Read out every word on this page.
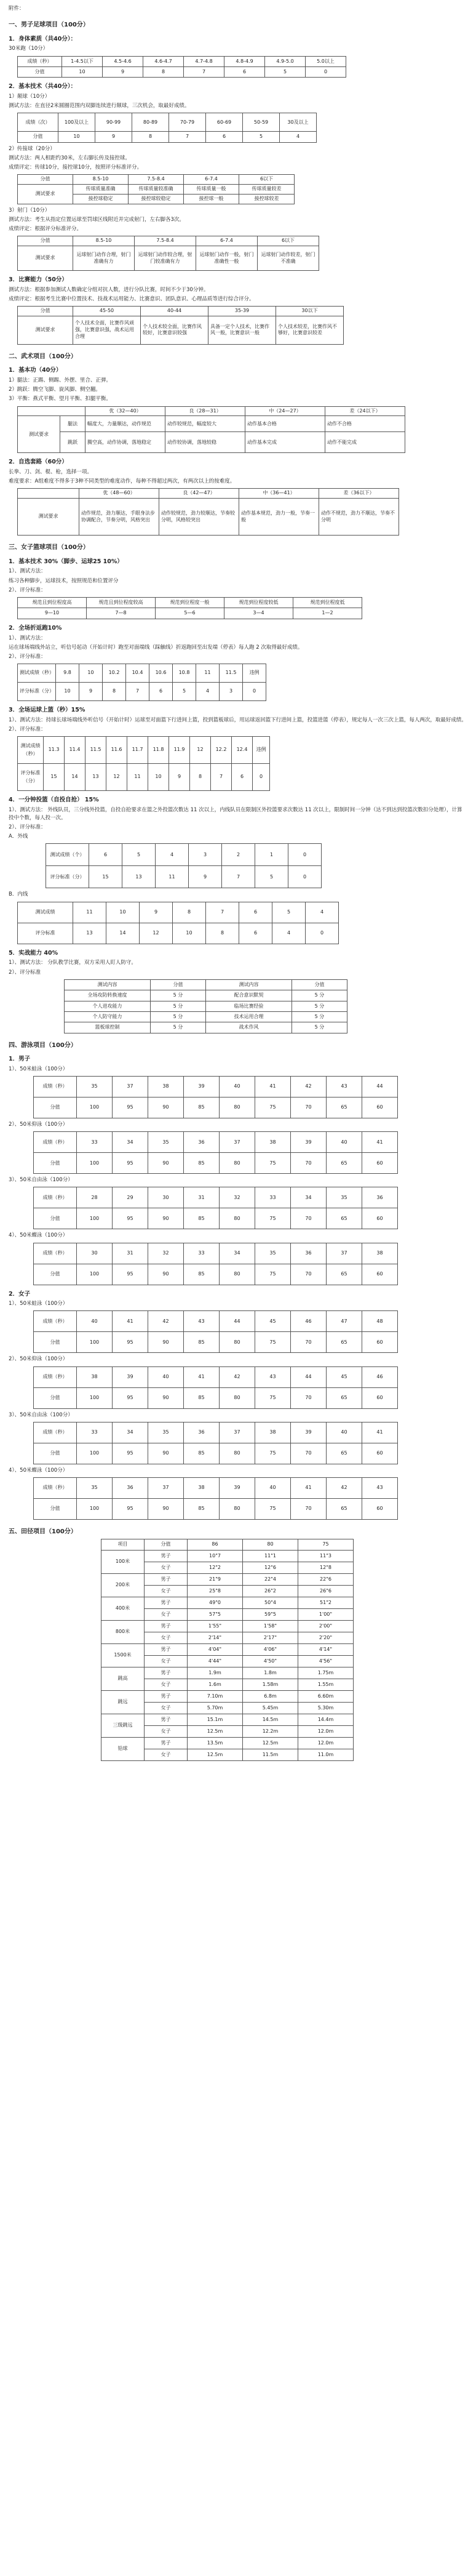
附件：
一、男子足球项目（100分）
1．身体素质（共40分）：
30米跑（10分）
成绩（秒）	1-4.5以下	4.5-4.6	4.6-4.7	4.7-4.8	4.8-4.9	4.9-5.0	5.0以上
分值	10	9	8	7	6	5	0
2．基本技术（共40分）：
1）颠球（10分）
测试方法：在直径2米圆圈范围内双脚连续进行颠球，三次机会，取最好成绩。
成绩（次）	100及以上	90-99	80-89	70-79	60-69	50-59	30及以上
分值	10	9	8	7	6	5	4
2）传接球（20分）
测试方法：两人相距约30米，左右脚长传及接控球。
成绩评定：传球10分，接控球10分，按照评分标准评分。
分值	8.5-10	7.5-8.4	6-7.4	6以下
测试要求	传球质量准确	传球质量较准确	传球质量一般	传球质量较差
	接控球稳定	接控球较稳定	接控球一般	接控球较差
3）射门（10分）
测试方法：考生从指定位置运球至罚球区线附近并完成射门，左右脚各3次。
成绩评定：根据评分标准评分。
分值	8.5-10	7.5-8.4	6-7.4	6以下
测试要求	运球射门动作合理，射门准确有力	运球射门动作较合理，射门较准确有力	运球射门动作一般，射门准确性一般	运球射门动作较差，射门不准确
3．比赛能力（50分）
测试方法：根据参加测试人数确定分组对抗人数，进行分队比赛，时间不少于30分钟。
成绩评定：根据考生比赛中位置技术、技战术运用能力、比赛意识、团队意识、心理品质等进行综合评分。
分值	45-50	40-44	35-39	30以下
测试要求	个人技术全面，比赛作风顽强，比赛意识强，战术运用合理	个人技术较全面，比赛作风较好，比赛意识较强	具备一定个人技术，比赛作风一般，比赛意识一般	个人技术较差，比赛作风不够好，比赛意识较差
二、武术项目（100分）
1．基本功（40分）
1）腿法：正踢、侧踢、外摆、里合、正弹。
2）跳跃：腾空飞脚、旋风脚、侧空翻。
3）平衡：燕式平衡、望月平衡、扣腿平衡。
		优（32—40）	良（28—31）	中（24—27）	差（24以下）
测试要求	腿法	幅度大，力量顺达，动作规范	动作较规范，幅度较大	动作基本合格	动作不合格
	跳跃	腾空高，动作协调，落地稳定	动作较协调，落地较稳	动作基本完成	动作不能完成
2．自选套路（60分）
长拳、刀、剑、棍、枪，选择一项。
难度要求：A组难度不得多于3种不同类型的难度动作，每种不得超过两次，有两次以上的按难度。
	优（48—60）	良（42—47）	中（36—41）	差（36以下）
测试要求	动作规范，劲力顺达，手眼身法步协调配合，节奏分明，风格突出	动作较规范，劲力较顺达，节奏较分明，风格较突出	动作基本规范，劲力一般，节奏一般	动作不规范，劲力不顺达，节奏不分明
三、女子篮球项目（100分）
1．基本技术 30%（脚步、运球25 10%）
1）、测试方法：
练习各种脚步，运球技术，按照规范和位置评分
2）、评分标准：
规范且到位程度高	规范且到位程度较高	规范到位程度一般	规范到位程度较低	规范到位程度低
9—10	7—8	5—6	3—4	1—2
2．全场折返跑10%
1）、测试方法：
运在球场端线外站立，听信号起动（开始计时）跑至对面端线（踩触线）折返跑回至出发端（停表）每人跑 2 次取得最好成绩。
2）、评分标准：
测试成绩（秒）	9.8	10	10.2	10.4	10.6	10.8	11	11.5	违例
评分标准（分）	10	9	8	7	6	5	4	3	0
3．全场运球上篮（秒）15%
1）、测试方法：持球长球场端线外听信号（开始计时）运球至对面篮下行进间上篮，投到篮板球后，用运球返回篮下行进间上篮，投篮进篮（停表），规定每人一次三次上篮，每人两次，取最好成绩。
2）、评分标准：
测试成绩（秒）	11.3	11.4	11.5	11.6	11.7	11.8	11.9	12	12.2	12.4	违例
评分标准（分）	15	14	13	12	11	10	9	8	7	6	0
4．一分钟投篮（自投自抢） 15%
1）、测试方法： 外线队员，三分线外投篮，自投自抢要求在篮之外投篮次数达 11 次以上，内线队员在限制区外投篮要求次数达 11 次以上，限制时间一分钟（达不到达到投篮次数扣分处理），计算投中个数，每人投一次。
2）、评分标准：
A．外线
测试成绩（个）	6	5	4	3	2	1	0
评分标准（分）	15	13	11	9	7	5	0
B．内线
测试成绩	11	10	9	8	7	6	5	4
评分标准	13	14	12	10	8	6	4	0
5．实战能力 40%
1）、测试方法： 分队教学比赛，双方采用人盯人防守。
2）、评分标准
测试内容	分值	测试内容	分值
全场攻防转换速度	5 分	配合意识默契	5 分
个人进攻能力	5 分	临场比赛经验	5 分
个人防守能力	5 分	技术运用合理	5 分
篮板球控制	5 分	战术作风	5 分
四、游泳项目（100分）
1．男子
1）、50米蛙泳（100分）
成绩（秒）	35	37	38	39	40	41	42	43	44
分值	100	95	90	85	80	75	70	65	60
2）、50米仰泳（100分）
成绩（秒）	33	34	35	36	37	38	39	40	41
分值	100	95	90	85	80	75	70	65	60
3）、50米自由泳（100分）
成绩（秒）	28	29	30	31	32	33	34	35	36
分值	100	95	90	85	80	75	70	65	60
4）、50米蝶泳（100分）
成绩（秒）	30	31	32	33	34	35	36	37	38
分值	100	95	90	85	80	75	70	65	60
2．女子
1）、50米蛙泳（100分）
成绩（秒）	40	41	42	43	44	45	46	47	48
分值	100	95	90	85	80	75	70	65	60
2）、50米仰泳（100分）
成绩（秒）	38	39	40	41	42	43	44	45	46
分值	100	95	90	85	80	75	70	65	60
3）、50米自由泳（100分）
成绩（秒）	33	34	35	36	37	38	39	40	41
分值	100	95	90	85	80	75	70	65	60
4）、50米蝶泳（100分）
成绩（秒）	35	36	37	38	39	40	41	42	43
分值	100	95	90	85	80	75	70	65	60
五、田径项目（100分）
项目	分值	86	80	75
100米	男子	10"7	11"1	11"3
	女子	12"2	12"6	12"8
200米	男子	21"9	22"4	22"6
	女子	25"8	26"2	26"6
400米	男子	49"0	50"4	51"2
	女子	57"5	59"5	1'00"
800米	男子	1'55"	1'58"	2'00"
	女子	2'14"	2'17"	2'20"
1500米	男子	4'04"	4'06"	4'14"
	女子	4'44"	4'50"	4'56"
跳高	男子	1.9m	1.8m	1.75m
	女子	1.6m	1.58m	1.55m
跳远	男子	7.10m	6.8m	6.60m
	女子	5.70m	5.45m	5.30m
三级跳远	男子	15.1m	14.5m	14.4m
	女子	12.5m	12.2m	12.0m
铅球	男子	13.5m	12.5m	12.0m
	女子	12.5m	11.5m	11.0m
